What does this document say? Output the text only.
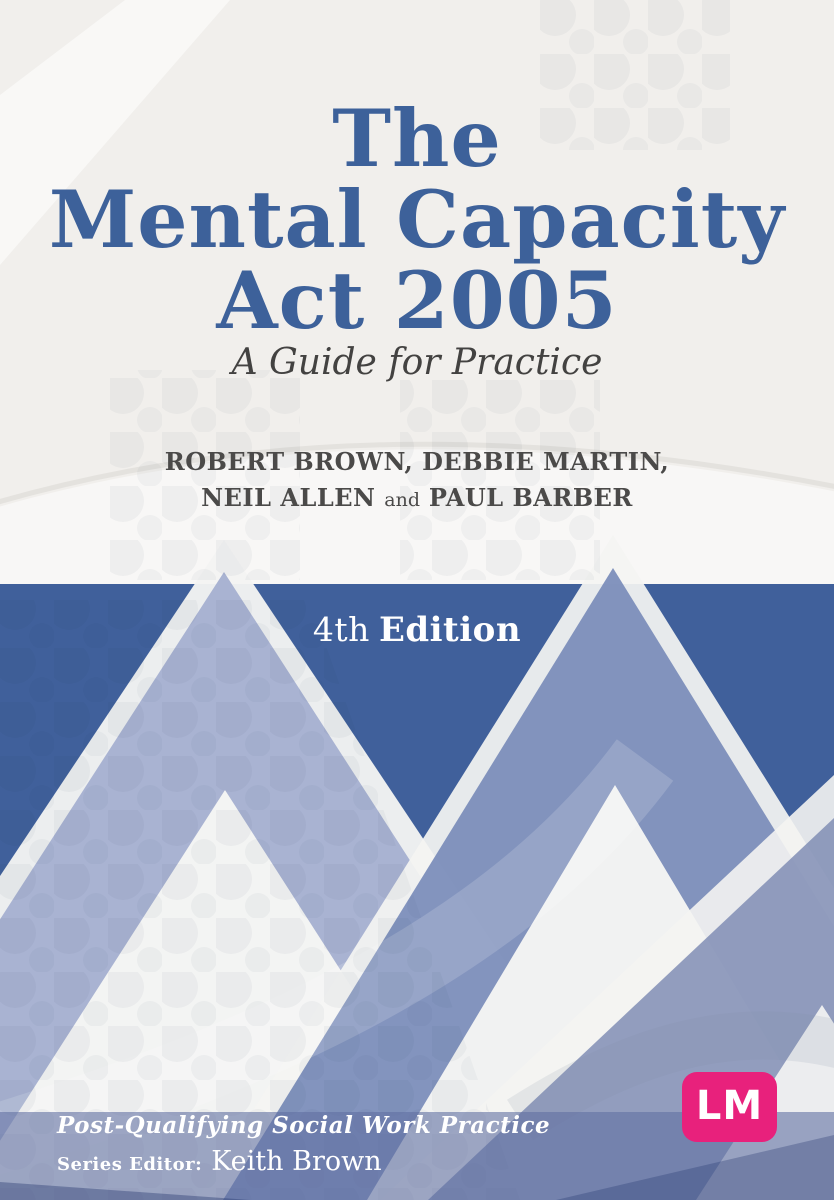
The
Mental Capacity
Act 2005
A Guide for Practice
ROBERT BROWN, DEBBIE MARTIN,
NEIL ALLEN and PAUL BARBER
4th Edition
Post-Qualifying Social Work Practice
Series Editor: Keith Brown
LM
